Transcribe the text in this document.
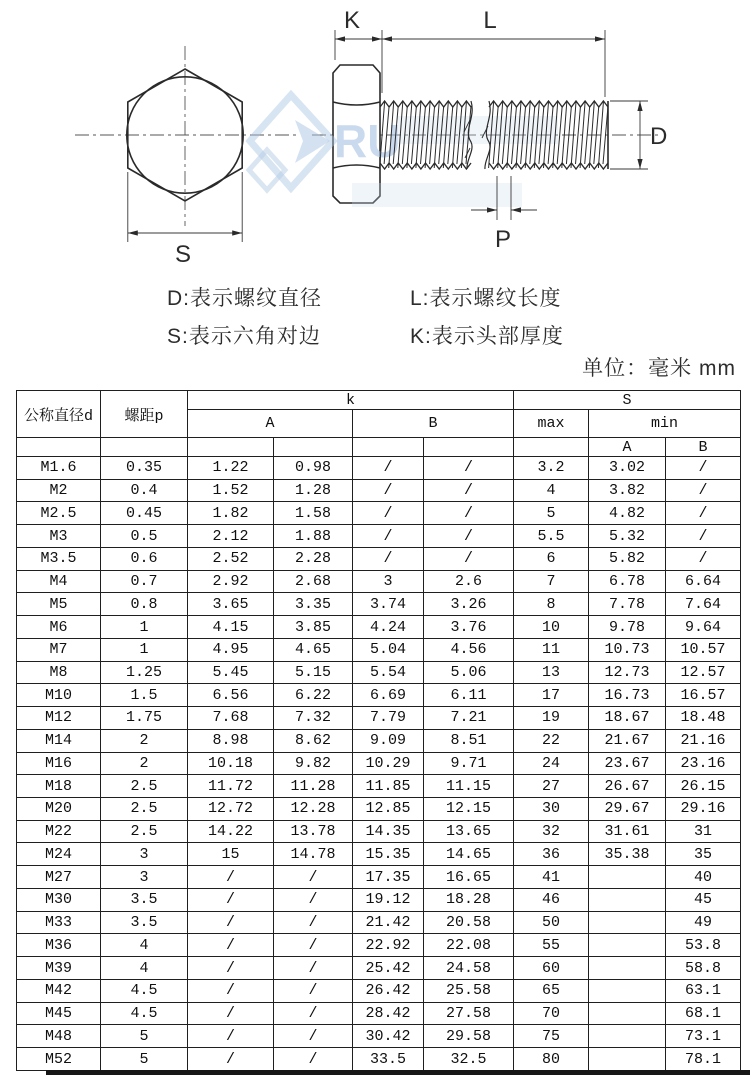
S
RU
K	L
D
P
D:表示螺纹直径	L:表示螺纹长度
S:表示六角对边	K:表示头部厚度
单位：毫米 mm
公称直径d	螺距p	k				S		
		A		B		max	min	
							A	B
M1.6	0.35	1.22	0.98	/	/	3.2	3.02	/
M2	0.4	1.52	1.28	/	/	4	3.82	/
M2.5	0.45	1.82	1.58	/	/	5	4.82	/
M3	0.5	2.12	1.88	/	/	5.5	5.32	/
M3.5	0.6	2.52	2.28	/	/	6	5.82	/
M4	0.7	2.92	2.68	3	2.6	7	6.78	6.64
M5	0.8	3.65	3.35	3.74	3.26	8	7.78	7.64
M6	1	4.15	3.85	4.24	3.76	10	9.78	9.64
M7	1	4.95	4.65	5.04	4.56	11	10.73	10.57
M8	1.25	5.45	5.15	5.54	5.06	13	12.73	12.57
M10	1.5	6.56	6.22	6.69	6.11	17	16.73	16.57
M12	1.75	7.68	7.32	7.79	7.21	19	18.67	18.48
M14	2	8.98	8.62	9.09	8.51	22	21.67	21.16
M16	2	10.18	9.82	10.29	9.71	24	23.67	23.16
M18	2.5	11.72	11.28	11.85	11.15	27	26.67	26.15
M20	2.5	12.72	12.28	12.85	12.15	30	29.67	29.16
M22	2.5	14.22	13.78	14.35	13.65	32	31.61	31
M24	3	15	14.78	15.35	14.65	36	35.38	35
M27	3	/	/	17.35	16.65	41		40
M30	3.5	/	/	19.12	18.28	46		45
M33	3.5	/	/	21.42	20.58	50		49
M36	4	/	/	22.92	22.08	55		53.8
M39	4	/	/	25.42	24.58	60		58.8
M42	4.5	/	/	26.42	25.58	65		63.1
M45	4.5	/	/	28.42	27.58	70		68.1
M48	5	/	/	30.42	29.58	75		73.1
M52	5	/	/	33.5	32.5	80		78.1
